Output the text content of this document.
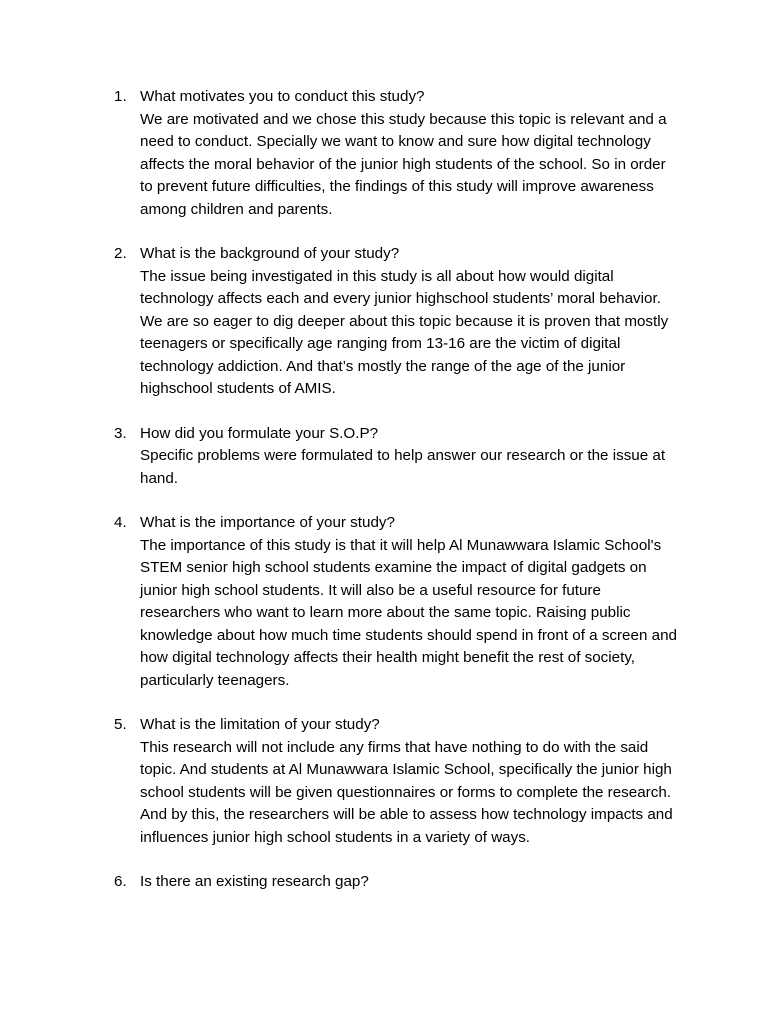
1. What motivates you to conduct this study?

We are motivated and we chose this study because this topic is relevant and a need to conduct. Specially we want to know and sure how digital technology affects the moral behavior of the junior high students of the school. So in order to prevent future difficulties, the findings of this study will improve awareness among children and parents.

2. What is the background of your study?

The issue being investigated in this study is all about how would digital technology affects each and every junior highschool students’ moral behavior. We are so eager to dig deeper about this topic because it is proven that mostly teenagers or specifically age ranging from 13-16 are the victim of digital technology addiction. And that’s mostly the range of the age of the junior highschool students of AMIS.

3. How did you formulate your S.O.P?

Specific problems were formulated to help answer our research or the issue at hand.

4. What is the importance of your study?

The importance of this study is that it will help Al Munawwara Islamic School's STEM senior high school students examine the impact of digital gadgets on junior high school students. It will also be a useful resource for future researchers who want to learn more about the same topic. Raising public knowledge about how much time students should spend in front of a screen and how digital technology affects their health might benefit the rest of society, particularly teenagers.

5. What is the limitation of your study?

This research will not include any firms that have nothing to do with the said topic. And students at Al Munawwara Islamic School, specifically the junior high school students will be given questionnaires or forms to complete the research. And by this, the researchers will be able to assess how technology impacts and influences junior high school students in a variety of ways.

6. Is there an existing research gap?
